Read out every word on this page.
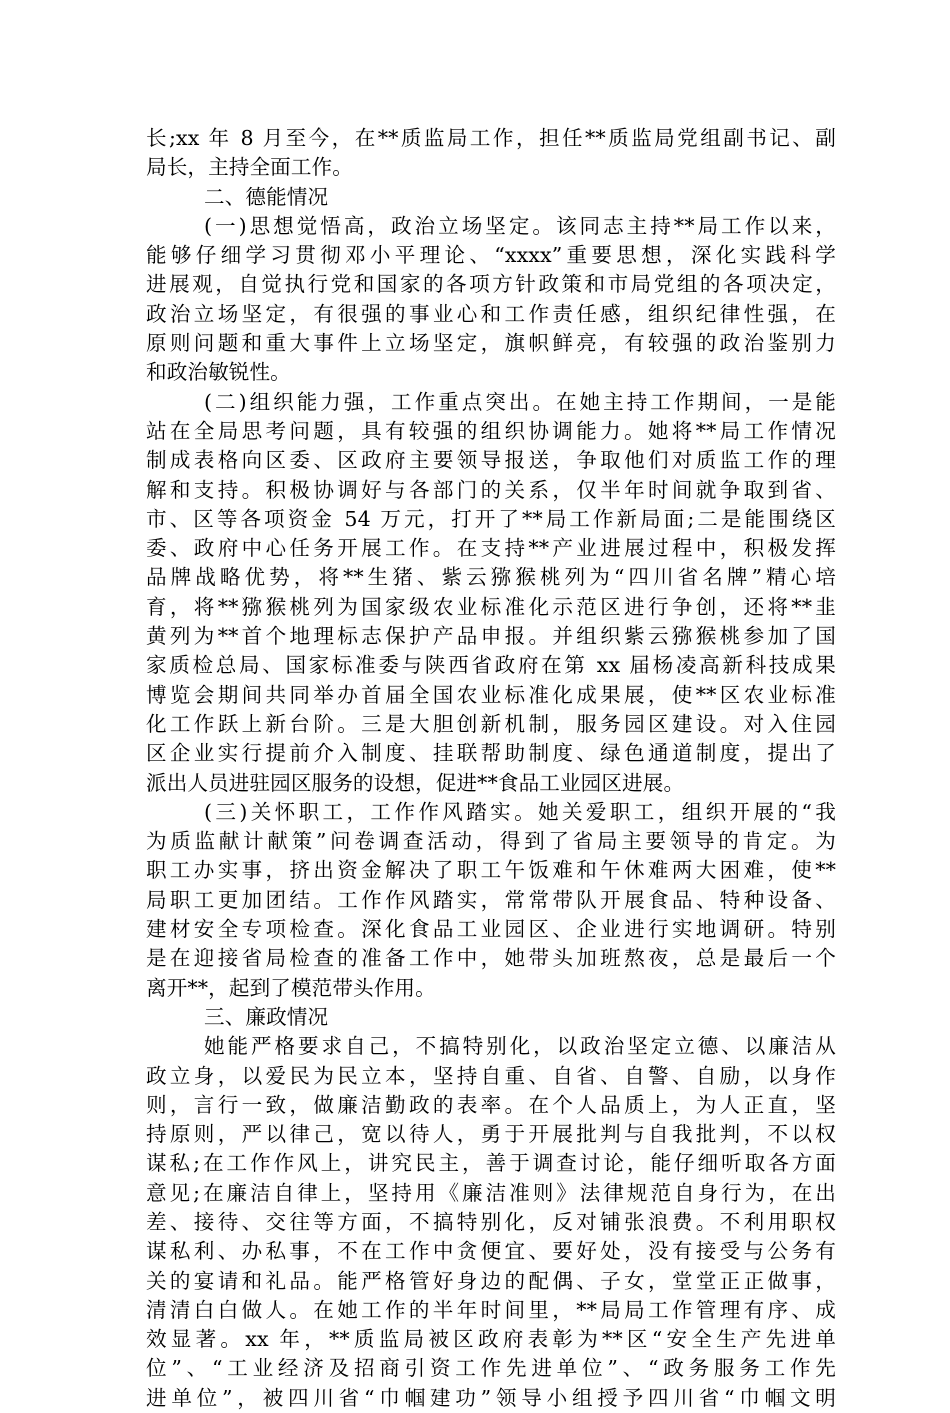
长;xx 年 8 月至今，在**质监局工作，担任**质监局党组副书记、副
局长，主持全面工作。
二、德能情况
(一)思想觉悟高，政治立场坚定。该同志主持**局工作以来，
能够仔细学习贯彻邓小平理论、“xxxx”重要思想，深化实践科学
进展观，自觉执行党和国家的各项方针政策和市局党组的各项决定，
政治立场坚定，有很强的事业心和工作责任感，组织纪律性强，在
原则问题和重大事件上立场坚定，旗帜鲜亮，有较强的政治鉴别力
和政治敏锐性。
(二)组织能力强，工作重点突出。在她主持工作期间，一是能
站在全局思考问题，具有较强的组织协调能力。她将**局工作情况
制成表格向区委、区政府主要领导报送，争取他们对质监工作的理
解和支持。积极协调好与各部门的关系，仅半年时间就争取到省、
市、区等各项资金 54 万元，打开了**局工作新局面;二是能围绕区
委、政府中心任务开展工作。在支持**产业进展过程中，积极发挥
品牌战略优势，将**生猪、紫云猕猴桃列为“四川省名牌”精心培
育，将**猕猴桃列为国家级农业标准化示范区进行争创，还将**韭
黄列为**首个地理标志保护产品申报。并组织紫云猕猴桃参加了国
家质检总局、国家标准委与陕西省政府在第 xx 届杨凌高新科技成果
博览会期间共同举办首届全国农业标准化成果展，使**区农业标准
化工作跃上新台阶。三是大胆创新机制，服务园区建设。对入住园
区企业实行提前介入制度、挂联帮助制度、绿色通道制度，提出了
派出人员进驻园区服务的设想，促进**食品工业园区进展。
(三)关怀职工，工作作风踏实。她关爱职工，组织开展的“我
为质监献计献策”问卷调查活动，得到了省局主要领导的肯定。为
职工办实事，挤出资金解决了职工午饭难和午休难两大困难，使**
局职工更加团结。工作作风踏实，常常带队开展食品、特种设备、
建材安全专项检查。深化食品工业园区、企业进行实地调研。特别
是在迎接省局检查的准备工作中，她带头加班熬夜，总是最后一个
离开**，起到了模范带头作用。
三、廉政情况
她能严格要求自己，不搞特别化，以政治坚定立德、以廉洁从
政立身，以爱民为民立本，坚持自重、自省、自警、自励，以身作
则，言行一致，做廉洁勤政的表率。在个人品质上，为人正直，坚
持原则，严以律己，宽以待人，勇于开展批判与自我批判，不以权
谋私;在工作作风上，讲究民主，善于调查讨论，能仔细听取各方面
意见;在廉洁自律上，坚持用《廉洁准则》法律规范自身行为，在出
差、接待、交往等方面，不搞特别化，反对铺张浪费。不利用职权
谋私利、办私事，不在工作中贪便宜、要好处，没有接受与公务有
关的宴请和礼品。能严格管好身边的配偶、子女，堂堂正正做事，
清清白白做人。在她工作的半年时间里，**局局工作管理有序、成
效显著。xx 年，**质监局被区政府表彰为**区“安全生产先进单
位”、“工业经济及招商引资工作先进单位”、“政务服务工作先
进单位”，被四川省“巾帼建功”领导小组授予四川省“巾帼文明
